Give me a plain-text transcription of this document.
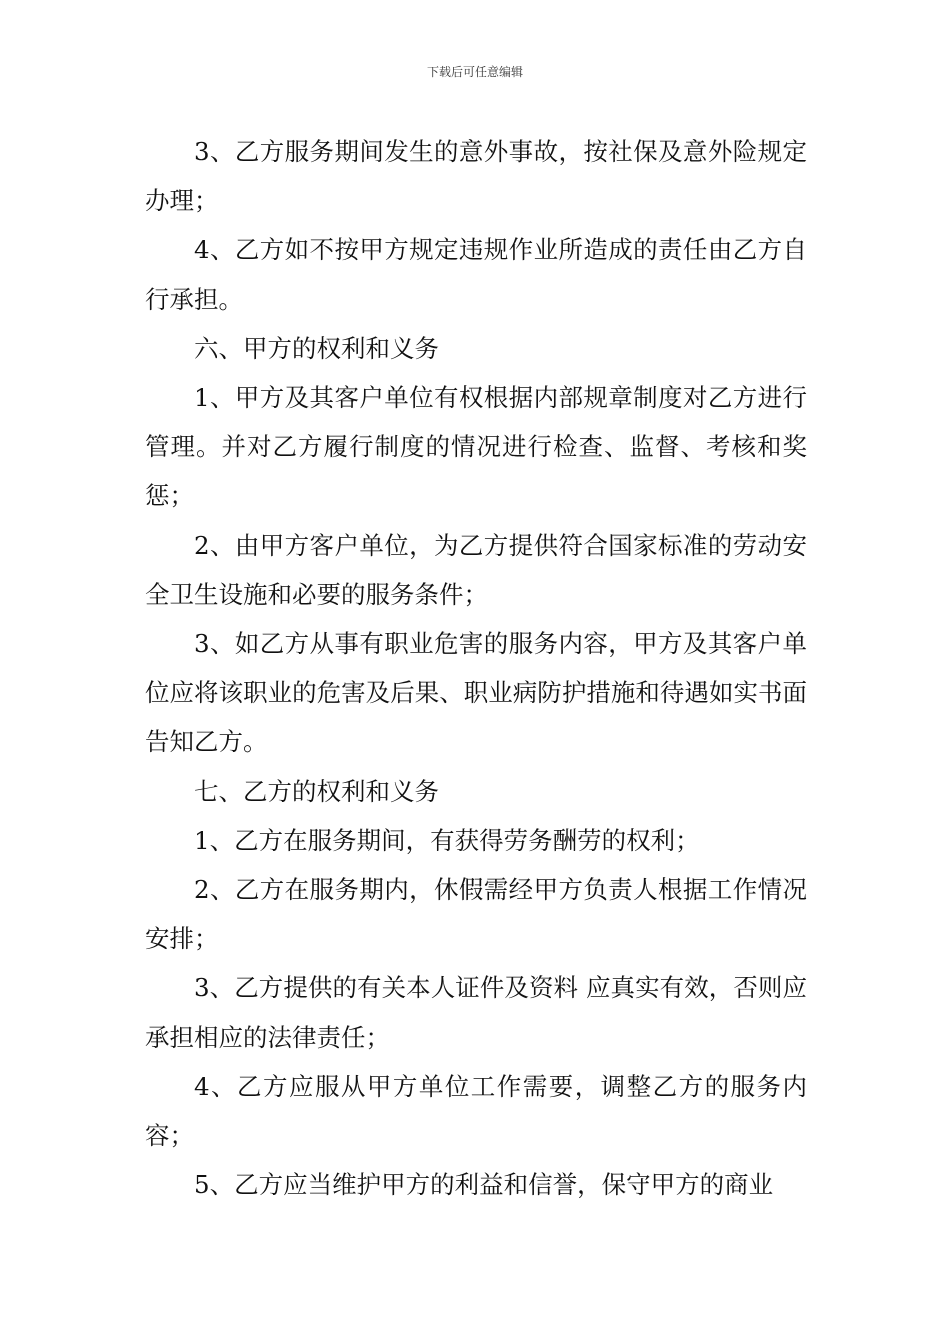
下载后可任意编辑

3、乙方服务期间发生的意外事故，按社保及意外险规定办理；

4、乙方如不按甲方规定违规作业所造成的责任由乙方自行承担。

六、甲方的权利和义务

1、甲方及其客户单位有权根据内部规章制度对乙方进行管理。并对乙方履行制度的情况进行检查、监督、考核和奖惩；

2、由甲方客户单位，为乙方提供符合国家标准的劳动安全卫生设施和必要的服务条件；

3、如乙方从事有职业危害的服务内容，甲方及其客户单位应将该职业的危害及后果、职业病防护措施和待遇如实书面告知乙方。

七、乙方的权利和义务

1、乙方在服务期间，有获得劳务酬劳的权利；

2、乙方在服务期内，休假需经甲方负责人根据工作情况安排；

3、乙方提供的有关本人证件及资料 应真实有效，否则应承担相应的法律责任；

4、乙方应服从甲方单位工作需要，调整乙方的服务内容；

5、乙方应当维护甲方的利益和信誉，保守甲方的商业
